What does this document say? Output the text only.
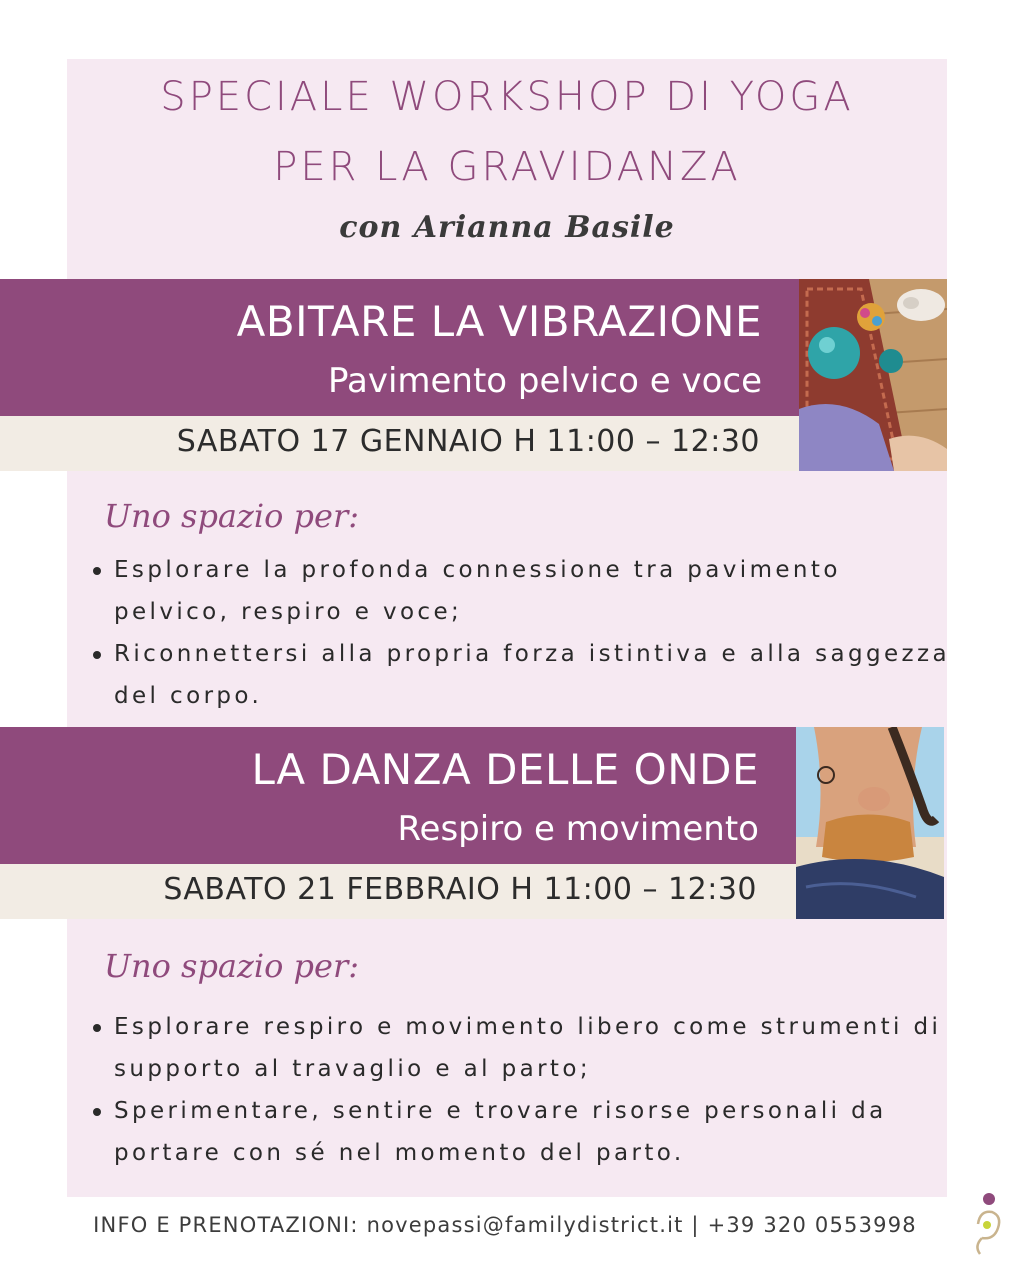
SPECIALE WORKSHOP DI YOGA
PER LA GRAVIDANZA
con Arianna Basile
ABITARE LA VIBRAZIONE
Pavimento pelvico e voce
SABATO 17 GENNAIO H 11:00 – 12:30
Uno spazio per:
Esplorare la profonda connessione tra pavimento pelvico, respiro e voce;
Riconnettersi alla propria forza istintiva e alla saggezza del corpo.
LA DANZA DELLE ONDE
Respiro e movimento
SABATO 21 FEBBRAIO H 11:00 – 12:30
Uno spazio per:
Esplorare respiro e movimento libero come strumenti di supporto al travaglio e al parto;
Sperimentare, sentire e trovare risorse personali da portare con sé nel momento del parto.
INFO E PRENOTAZIONI: novepassi@familydistrict.it | +39 320 0553998
